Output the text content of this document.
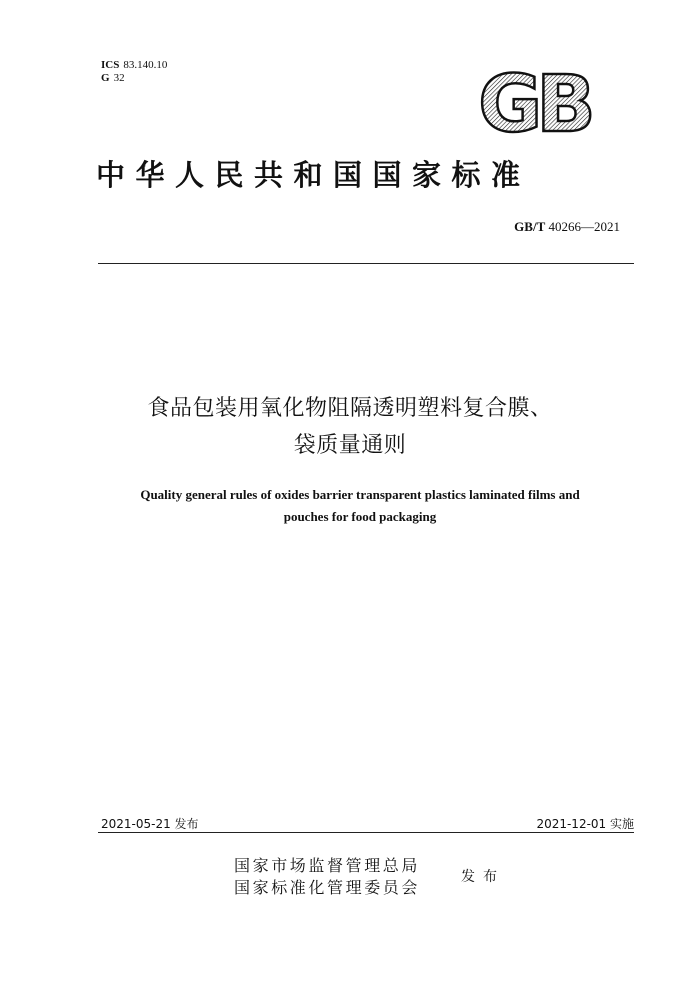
ICS 83.140.10
G 32	GB
中华人民共和国国家标准
GB/T 40266—2021
食品包装用氧化物阻隔透明塑料复合膜、
袋质量通则
Quality general rules of oxides barrier transparent plastics laminated films and
pouches for food packaging
2021-05-21 发布	2021-12-01 实施
国家市场监督管理总局
国家标准化管理委员会
发布
